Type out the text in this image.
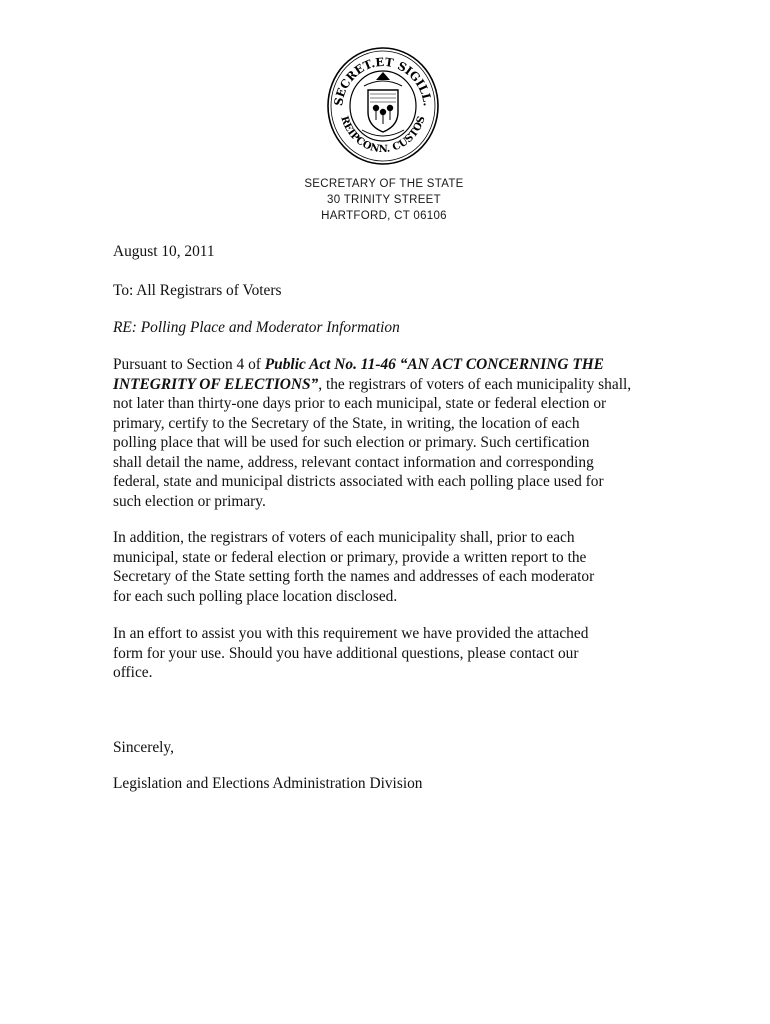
SECRET.ET SIGILL.
REIPCONN. CUSTOS
SECRETARY OF THE STATE
30 TRINITY STREET
HARTFORD, CT 06106
August 10, 2011
To: All Registrars of Voters
RE: Polling Place and Moderator Information
Pursuant to Section 4 of Public Act No. 11-46 “AN ACT CONCERNING THE
INTEGRITY OF ELECTIONS”, the registrars of voters of each municipality shall,
not later than thirty-one days prior to each municipal, state or federal election or
primary, certify to the Secretary of the State, in writing, the location of each
polling place that will be used for such election or primary. Such certification
shall detail the name, address, relevant contact information and corresponding
federal, state and municipal districts associated with each polling place used for
such election or primary.
In addition, the registrars of voters of each municipality shall, prior to each
municipal, state or federal election or primary, provide a written report to the
Secretary of the State setting forth the names and addresses of each moderator
for each such polling place location disclosed.
In an effort to assist you with this requirement we have provided the attached
form for your use. Should you have additional questions, please contact our
office.
Sincerely,
Legislation and Elections Administration Division
